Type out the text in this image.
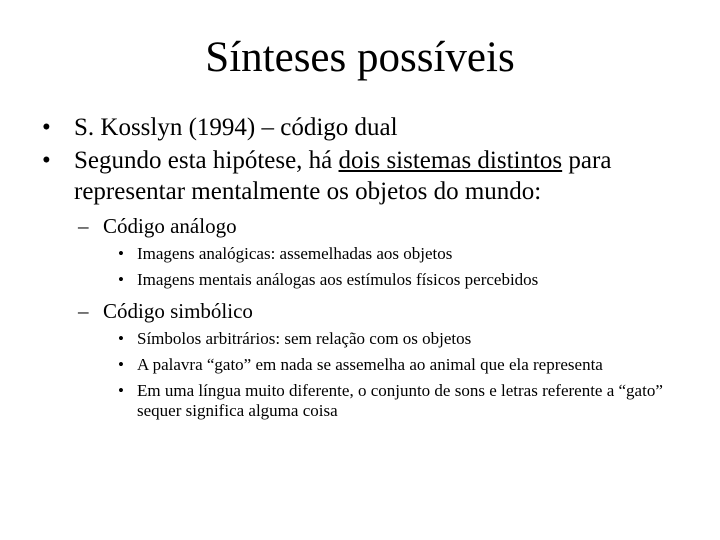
Sínteses possíveis
• S. Kosslyn (1994) – código dual
• Segundo esta hipótese, há dois sistemas distintos para representar mentalmente os objetos do mundo:
– Código análogo
• Imagens analógicas: assemelhadas aos objetos
• Imagens mentais análogas aos estímulos físicos percebidos
– Código simbólico
• Símbolos arbitrários: sem relação com os objetos
• A palavra “gato” em nada se assemelha ao animal que ela representa
• Em uma língua muito diferente, o conjunto de sons e letras referente a “gato” sequer significa alguma coisa
